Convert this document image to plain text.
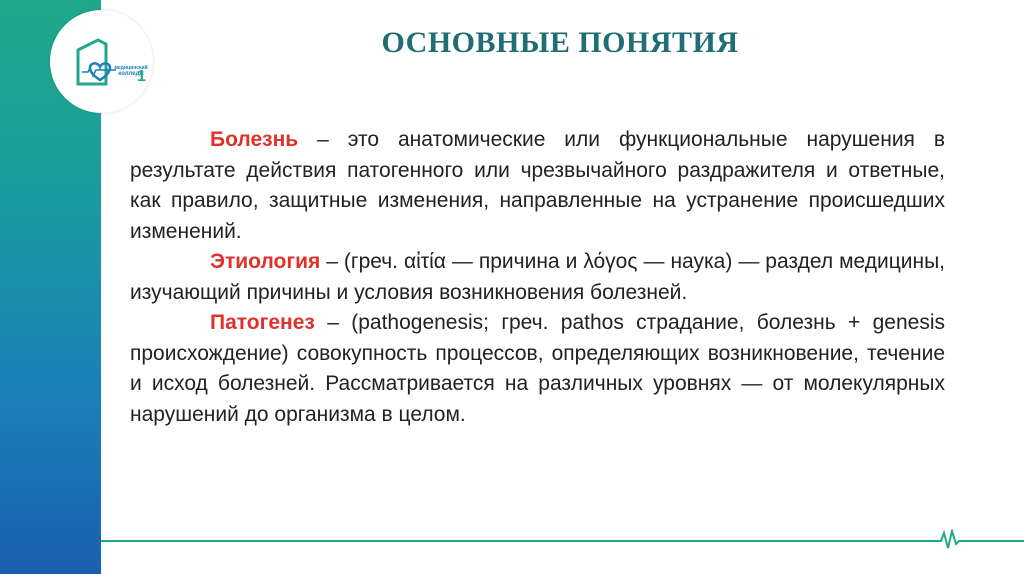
медицинский
колледж
1
ОСНОВНЫЕ ПОНЯТИЯ

Болезнь – это анатомические или функциональные нарушения в результате действия патогенного или чрезвычайного раздражителя и ответные, как правило, защитные изменения, направленные на устранение происшедших изменений.

Этиология – (греч. αἰτία — причина и λόγος — наука) — раздел медицины, изучающий причины и условия возникновения болезней.

Патогенез – (pathogenesis; греч. pathos страдание, болезнь + genesis происхождение) совокупность процессов, определяющих возникновение, течение и исход болезней. Рассматривается на различных уровнях — от молекулярных нарушений до организма в целом.
